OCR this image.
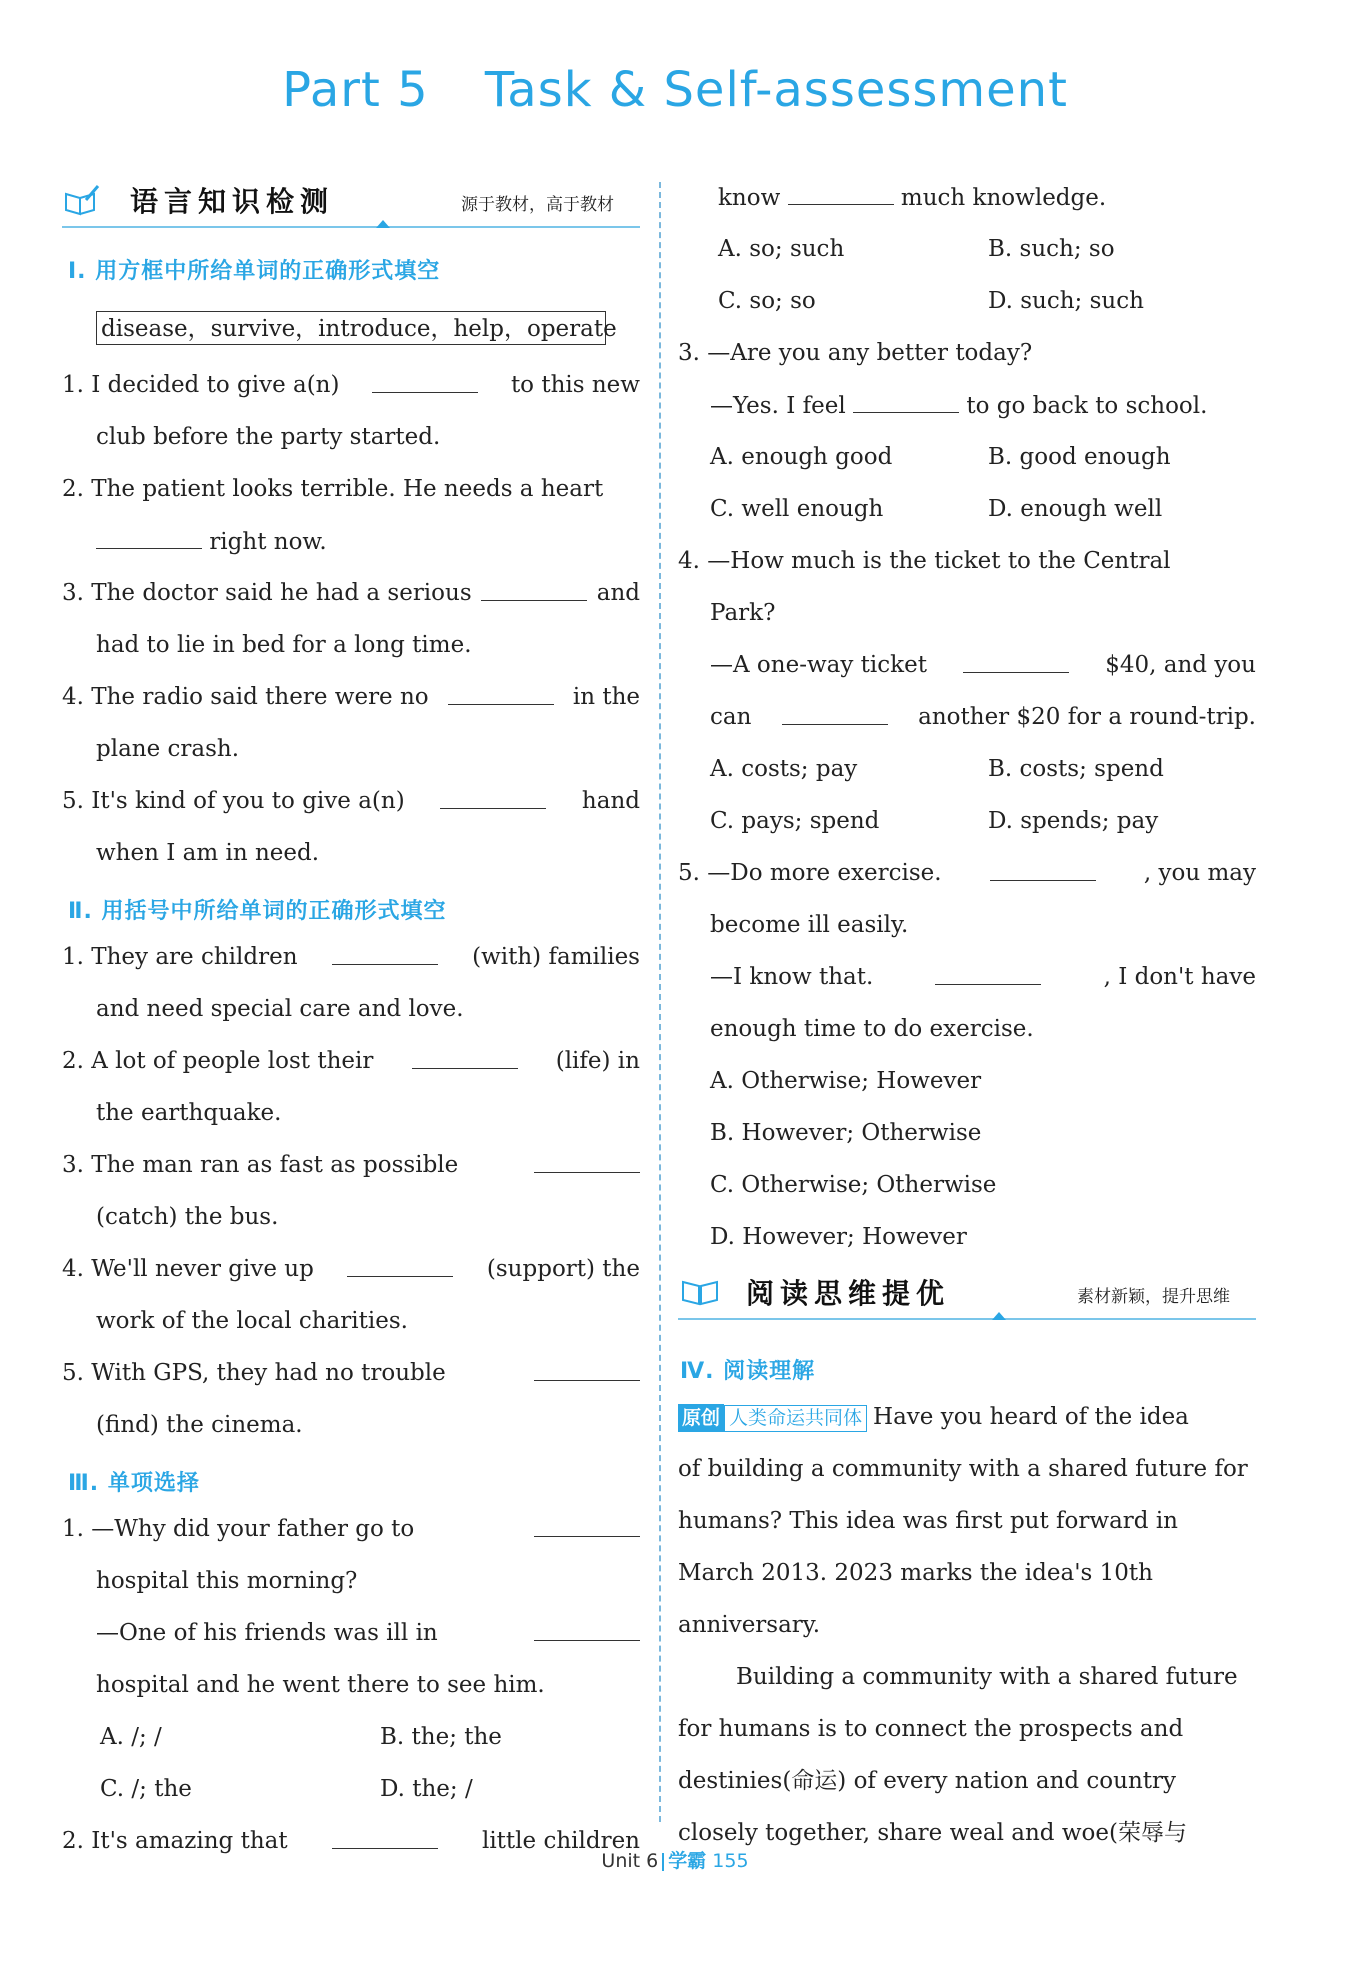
Part 5 Task & Self-assessment
语言知识检测	源于教材，高于教材
Ⅰ. 用方框中所给单词的正确形式填空
disease，survive，introduce，help，operate
1. I decided to give a(n)	to this new
club before the party started.
2. The patient looks terrible. He needs a heart
right now.
3. The doctor said he had a serious	and
had to lie in bed for a long time.
4. The radio said there were no	in the
plane crash.
5. It's kind of you to give a(n)	hand
when I am in need.
Ⅱ. 用括号中所给单词的正确形式填空
1. They are children	(with) families
and need special care and love.
2. A lot of people lost their	(life) in
the earthquake.
3. The man ran as fast as possible
(catch) the bus.
4. We'll never give up	(support) the
work of the local charities.
5. With GPS, they had no trouble
(find) the cinema.
Ⅲ. 单项选择
1. —Why did your father go to
hospital this morning?
—One of his friends was ill in
hospital and he went there to see him.
A. /; /	B. the; the
C. /; the	D. the; /
2. It's amazing that	little children
know	much knowledge.
A. so; such	B. such; so
C. so; so	D. such; such
3. —Are you any better today?
—Yes. I feel	to go back to school.
A. enough good	B. good enough
C. well enough	D. enough well
4. —How much is the ticket to the Central
Park?
—A one-way ticket	$40, and you
can	another $20 for a round-trip.
A. costs; pay	B. costs; spend
C. pays; spend	D. spends; pay
5. —Do more exercise.	, you may
become ill easily.
—I know that.	, I don't have
enough time to do exercise.
A. Otherwise; However
B. However; Otherwise
C. Otherwise; Otherwise
D. However; However
阅读思维提优	素材新颖，提升思维
Ⅳ. 阅读理解
原创 人类命运共同体 Have you heard of the idea
of building a community with a shared future for
humans? This idea was first put forward in
March 2013. 2023 marks the idea's 10th
anniversary.
Building a community with a shared future
for humans is to connect the prospects and
destinies(命运) of every nation and country
closely together, share weal and woe(荣辱与
Unit 6 学霸 155
